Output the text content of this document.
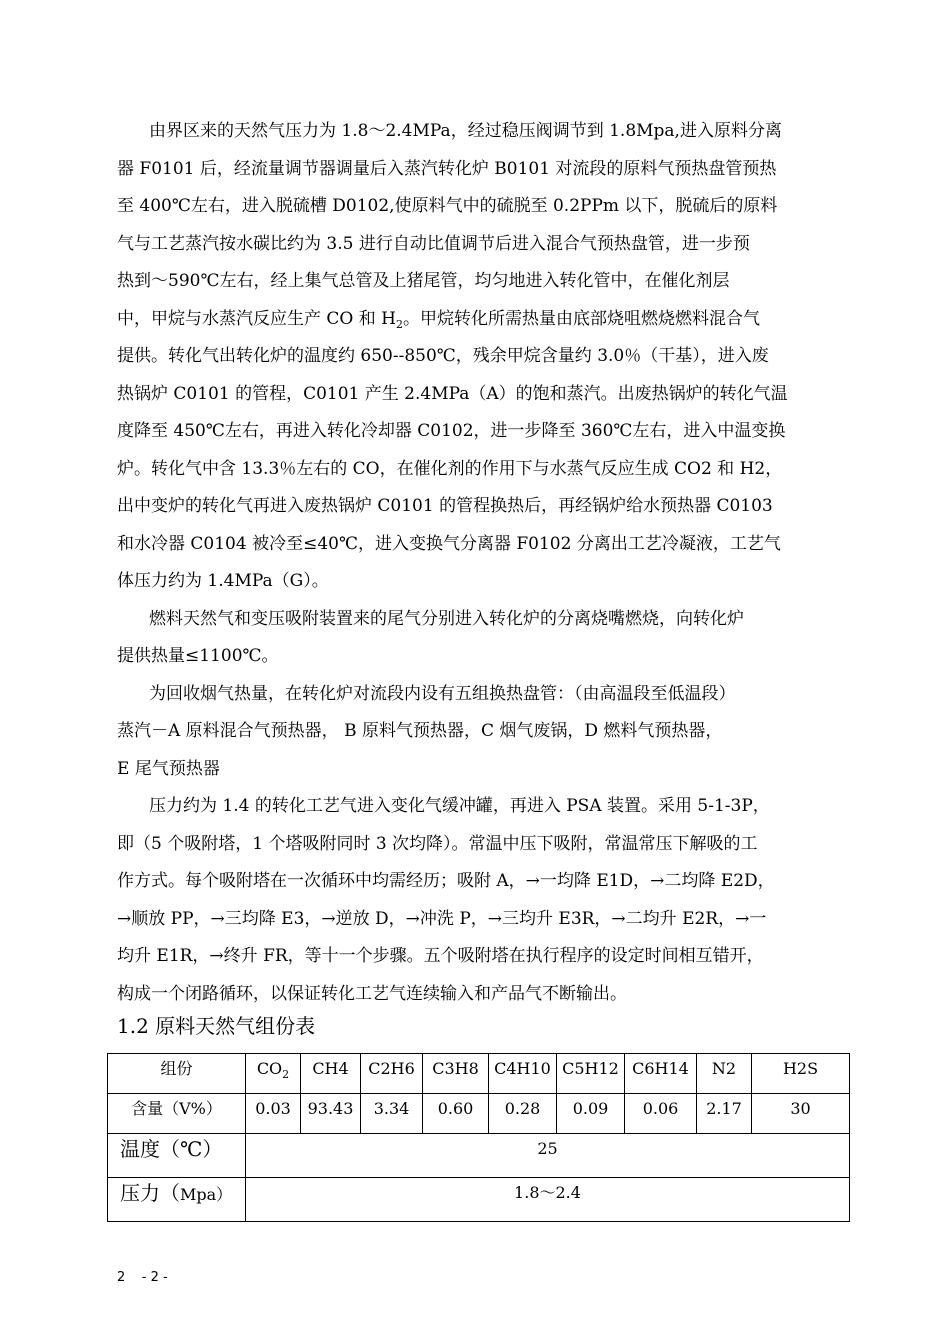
由界区来的天然气压力为 1.8～2.4MPa，经过稳压阀调节到 1.8Mpa,进入原料分离
器 F0101 后，经流量调节器调量后入蒸汽转化炉 B0101 对流段的原料气预热盘管预热
至 400℃左右，进入脱硫槽 D0102,使原料气中的硫脱至 0.2PPm 以下，脱硫后的原料
气与工艺蒸汽按水碳比约为 3.5 进行自动比值调节后进入混合气预热盘管，进一步预
热到～590℃左右，经上集气总管及上猪尾管，均匀地进入转化管中，在催化剂层
中，甲烷与水蒸汽反应生产 CO 和 $H_2$。甲烷转化所需热量由底部烧咀燃烧燃料混合气
提供。转化气出转化炉的温度约 650--850℃，残余甲烷含量约 3.0％（干基），进入废
热锅炉 C0101 的管程，C0101 产生 2.4MPa（A）的饱和蒸汽。出废热锅炉的转化气温
度降至 450℃左右，再进入转化冷却器 C0102，进一步降至 360℃左右，进入中温变换
炉。转化气中含 13.3％左右的 CO，在催化剂的作用下与水蒸气反应生成 CO2 和 H2，
出中变炉的转化气再进入废热锅炉 C0101 的管程换热后，再经锅炉给水预热器 C0103
和水冷器 C0104 被冷至≤40℃，进入变换气分离器 F0102 分离出工艺冷凝液，工艺气
体压力约为 1.4MPa（G）。
燃料天然气和变压吸附装置来的尾气分别进入转化炉的分离烧嘴燃烧，向转化炉
提供热量≤1100℃。
为回收烟气热量，在转化炉对流段内设有五组换热盘管：（由高温段至低温段）
蒸汽－A 原料混合气预热器， B 原料气预热器，C 烟气废锅，D 燃料气预热器，
E 尾气预热器
压力约为 1.4 的转化工艺气进入变化气缓冲罐，再进入 PSA 装置。采用 5-1-3P，
即（5 个吸附塔，1 个塔吸附同时 3 次均降）。常温中压下吸附，常温常压下解吸的工
作方式。每个吸附塔在一次循环中均需经历；吸附 A，→一均降 E1D，→二均降 E2D，
→顺放 PP，→三均降 E3，→逆放 D，→冲洗 P，→三均升 E3R，→二均升 E2R，→一
均升 E1R，→终升 FR，等十一个步骤。五个吸附塔在执行程序的设定时间相互错开，
构成一个闭路循环，以保证转化工艺气连续输入和产品气不断输出。
1.2 原料天然气组份表
组份	$CO_2$	CH4	C2H6	C3H8	C4H10	C5H12	C6H14	N2	H2S
含量（V%）	0.03	93.43	3.34	0.60	0.28	0.09	0.06	2.17	30
温度（℃）	25								
压力（Mpa）	1.8～2.4								
2    - 2 -
